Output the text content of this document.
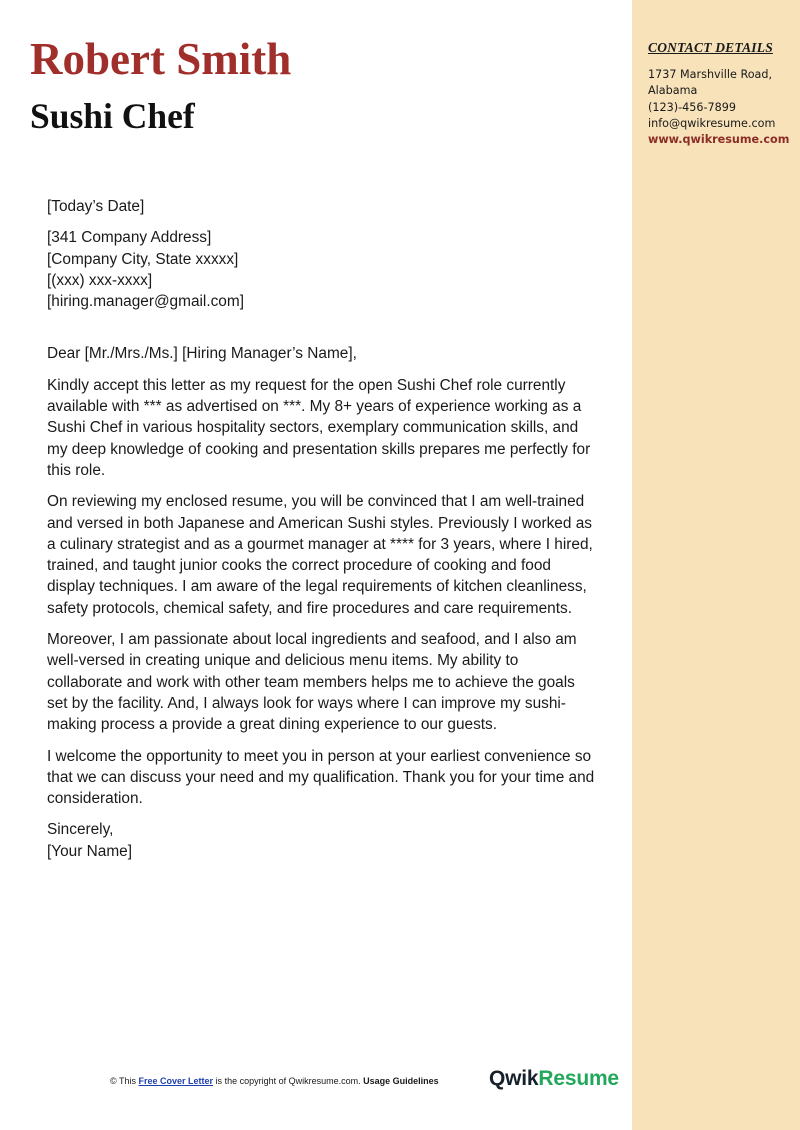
Robert Smith
Sushi Chef
CONTACT DETAILS
1737 Marshville Road,
Alabama
(123)-456-7899
info@qwikresume.com
www.qwikresume.com

[Today’s Date]

[341 Company Address]

[Company City, State xxxxx]

[(xxx) xxx-xxxx]

[hiring.manager@gmail.com]

Dear [Mr./Mrs./Ms.] [Hiring Manager’s Name],

Kindly accept this letter as my request for the open Sushi Chef role currently available with *** as advertised on ***. My 8+ years of experience working as a Sushi Chef in various hospitality sectors, exemplary communication skills, and my deep knowledge of cooking and presentation skills prepares me perfectly for this role.

On reviewing my enclosed resume, you will be convinced that I am well-trained and versed in both Japanese and American Sushi styles. Previously I worked as a culinary strategist and as a gourmet manager at **** for 3 years, where I hired, trained, and taught junior cooks the correct procedure of cooking and food display techniques. I am aware of the legal requirements of kitchen cleanliness, safety protocols, chemical safety, and fire procedures and care requirements.

Moreover, I am passionate about local ingredients and seafood, and I also am well-versed in creating unique and delicious menu items. My ability to collaborate and work with other team members helps me to achieve the goals set by the facility. And, I always look for ways where I can improve my sushi-making process a provide a great dining experience to our guests.

I welcome the opportunity to meet you in person at your earliest convenience so that we can discuss your need and my qualification. Thank you for your time and consideration.

Sincerely,

[Your Name]

© This Free Cover Letter is the copyright of Qwikresume.com. Usage Guidelines QwikResume
